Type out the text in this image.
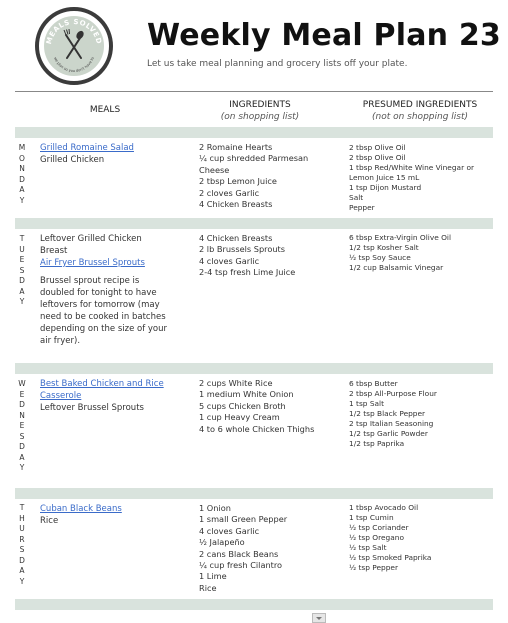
MEALS SOLVED
we plan so you don't have to
Weekly Meal Plan 23
Let us take meal planning and grocery lists off your plate.
MEALS	INGREDIENTS
(on shopping list)
PRESUMED INGREDIENTS
(not on shopping list)
M
O
N
D
A
Y
Grilled Romaine Salad
Grilled Chicken
2 Romaine Hearts
¼ cup shredded Parmesan
Cheese
2 tbsp Lemon Juice
2 cloves Garlic
4 Chicken Breasts
2 tbsp Olive Oil
2 tbsp Olive Oil
1 tbsp Red/White Wine Vinegar or
Lemon Juice 15 mL
1 tsp Dijon Mustard
Salt
Pepper
T
U
E
S
D
A
Y
Leftover Grilled Chicken
Breast
Air Fryer Brussel Sprouts
Brussel sprout recipe is doubled for tonight to have leftovers for tomorrow (may need to be cooked in batches depending on the size of your air fryer).
4 Chicken Breasts
2 lb Brussels Sprouts
4 cloves Garlic
2-4 tsp fresh Lime Juice
6 tbsp Extra-Virgin Olive Oil
1/2 tsp Kosher Salt
½ tsp Soy Sauce
1/2 cup Balsamic Vinegar
W
E
D
N
E
S
D
A
Y
Best Baked Chicken and Rice
Casserole
Leftover Brussel Sprouts
2 cups White Rice
1 medium White Onion
5 cups Chicken Broth
1 cup Heavy Cream
4 to 6 whole Chicken Thighs
6 tbsp Butter
2 tbsp All-Purpose Flour
1 tsp Salt
1/2 tsp Black Pepper
2 tsp Italian Seasoning
1/2 tsp Garlic Powder
1/2 tsp Paprika
T
H
U
R
S
D
A
Y
Cuban Black Beans
Rice
1 Onion
1 small Green Pepper
4 cloves Garlic
½ Jalapeño
2 cans Black Beans
¼ cup fresh Cilantro
1 Lime
Rice
1 tbsp Avocado Oil
1 tsp Cumin
½ tsp Coriander
½ tsp Oregano
½ tsp Salt
½ tsp Smoked Paprika
½ tsp Pepper
